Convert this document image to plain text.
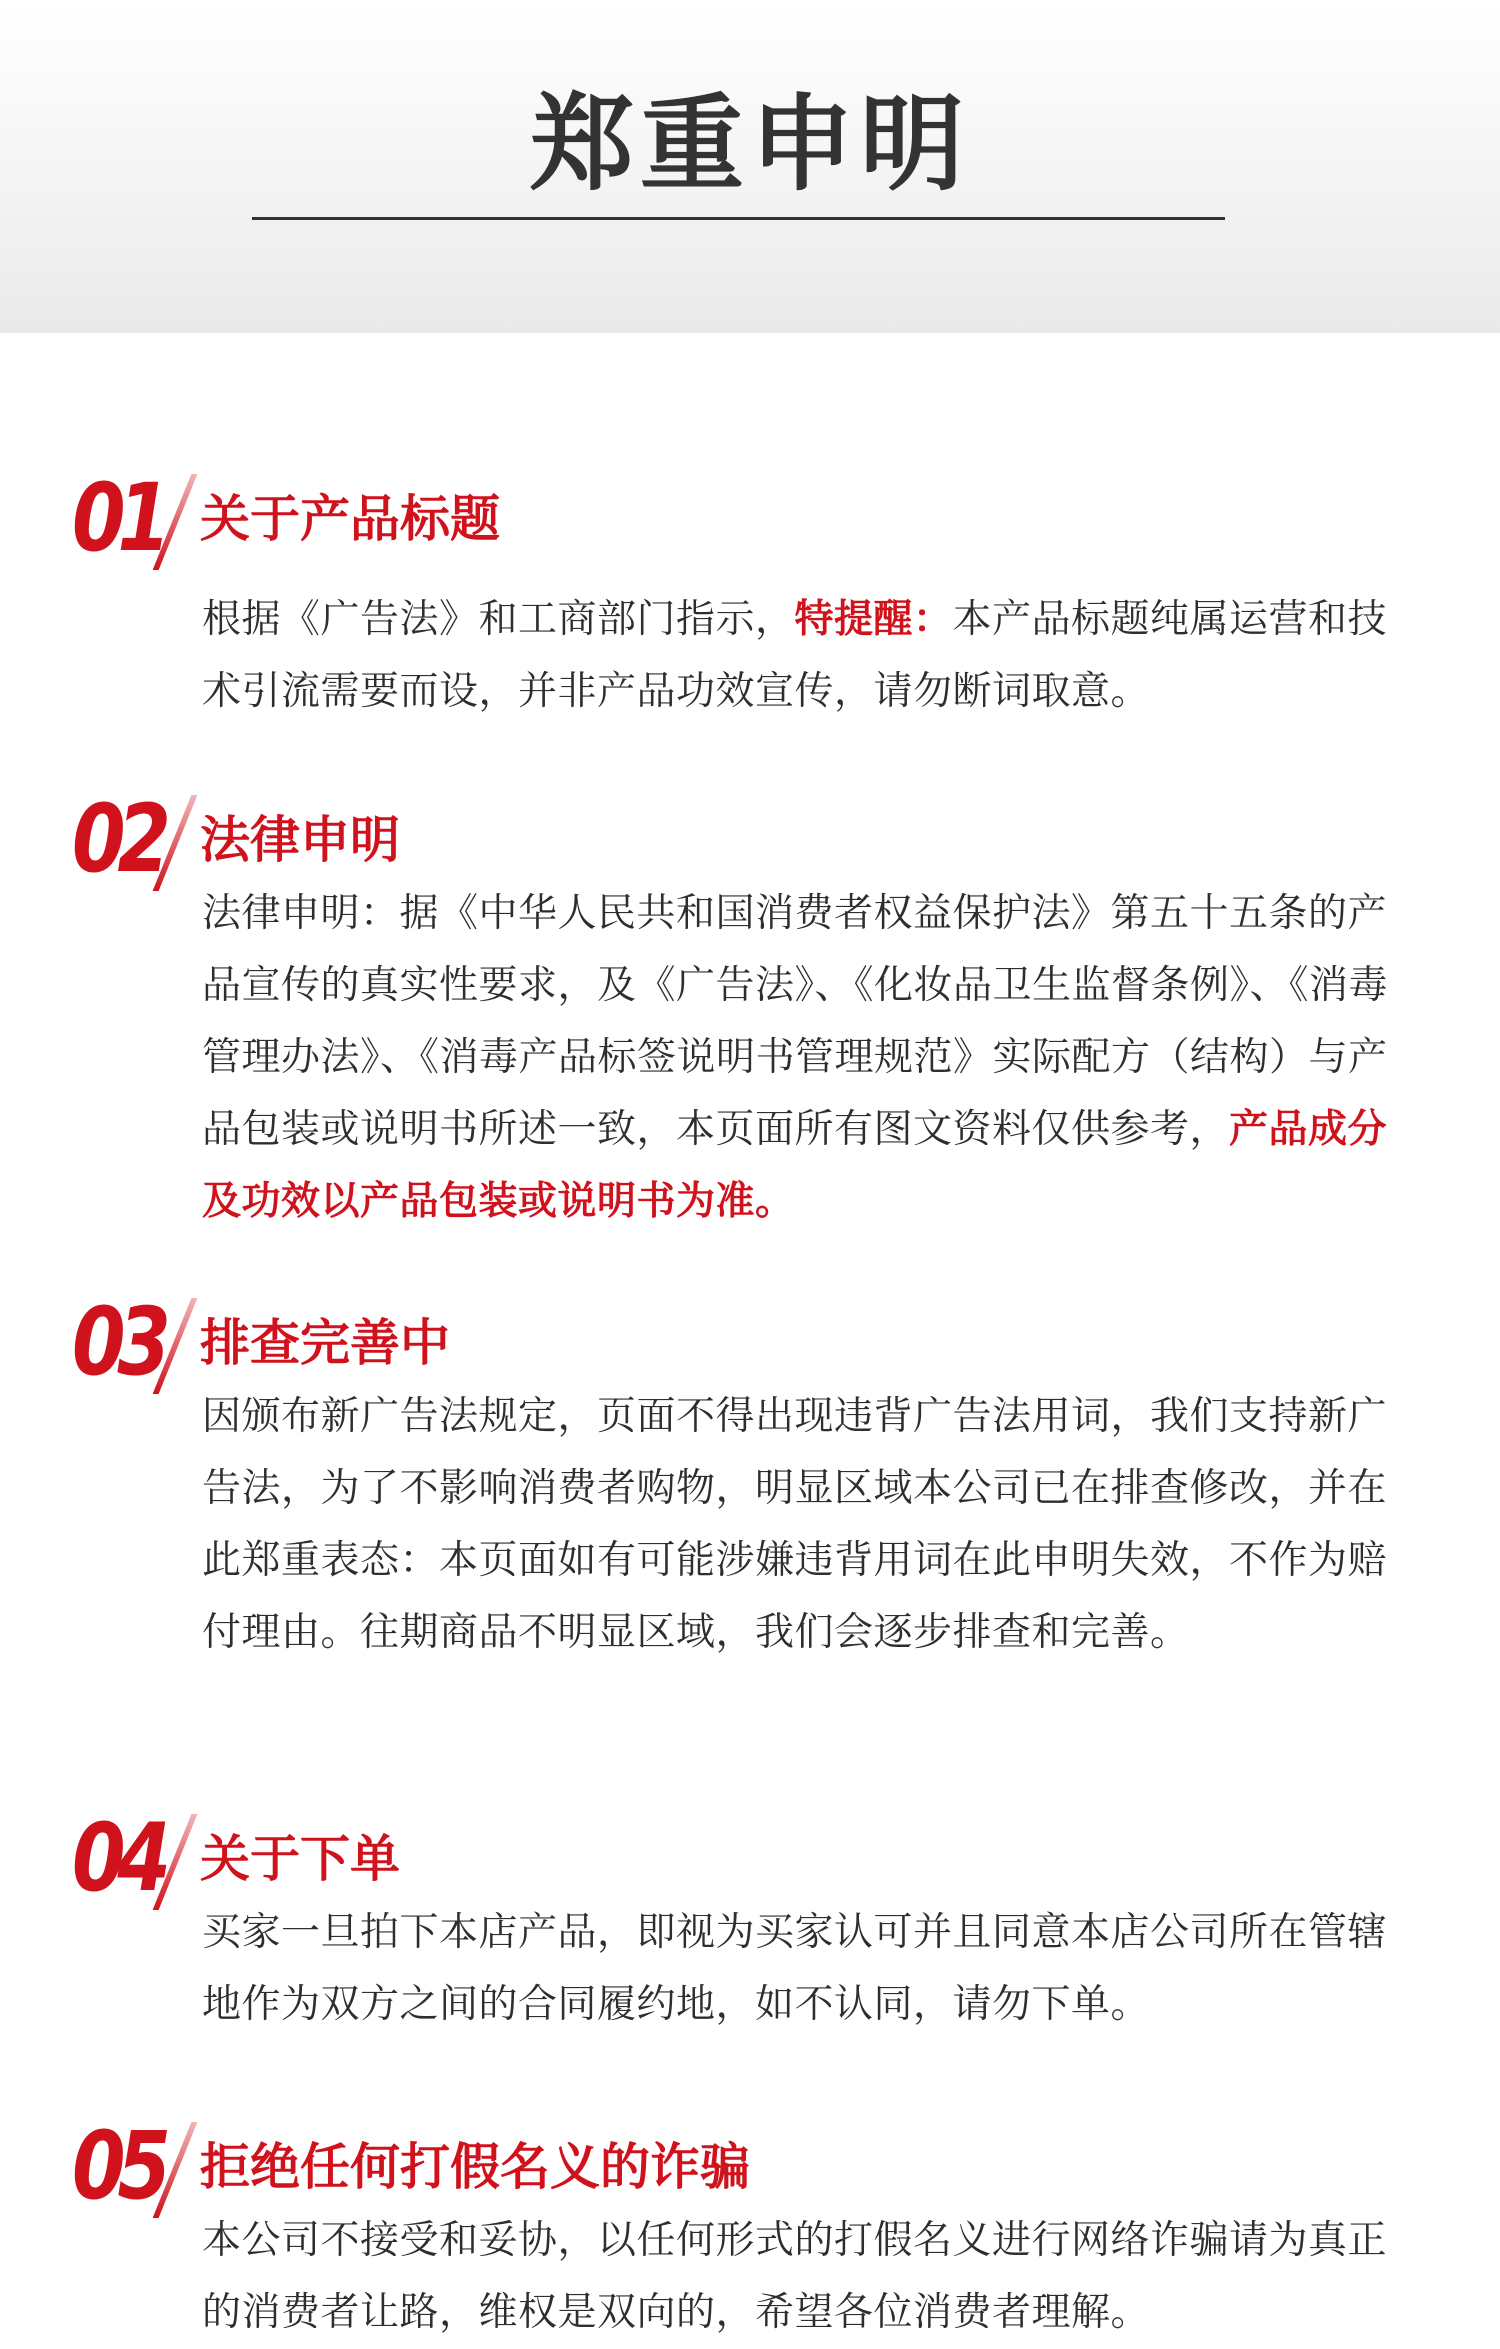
郑重申明
01 关于产品标题
根据《广告法》和工商部门指示，特提醒：本产品标题纯属运营和技术引流需要而设，并非产品功效宣传，请勿断词取意。
02 法律申明
法律申明：据《中华人民共和国消费者权益保护法》第五十五条的产品宣传的真实性要求，及《广告法》、《化妆品卫生监督条例》、《消毒管理办法》、《消毒产品标签说明书管理规范》实际配方（结构）与产品包装或说明书所述一致，本页面所有图文资料仅供参考，产品成分及功效以产品包装或说明书为准。
03 排查完善中
因颁布新广告法规定，页面不得出现违背广告法用词，我们支持新广告法，为了不影响消费者购物，明显区域本公司已在排查修改，并在此郑重表态：本页面如有可能涉嫌违背用词在此申明失效，不作为赔付理由。往期商品不明显区域，我们会逐步排查和完善。
04 关于下单
买家一旦拍下本店产品，即视为买家认可并且同意本店公司所在管辖地作为双方之间的合同履约地，如不认同，请勿下单。
05 拒绝任何打假名义的诈骗
本公司不接受和妥协，以任何形式的打假名义进行网络诈骗请为真正的消费者让路，维权是双向的，希望各位消费者理解。
